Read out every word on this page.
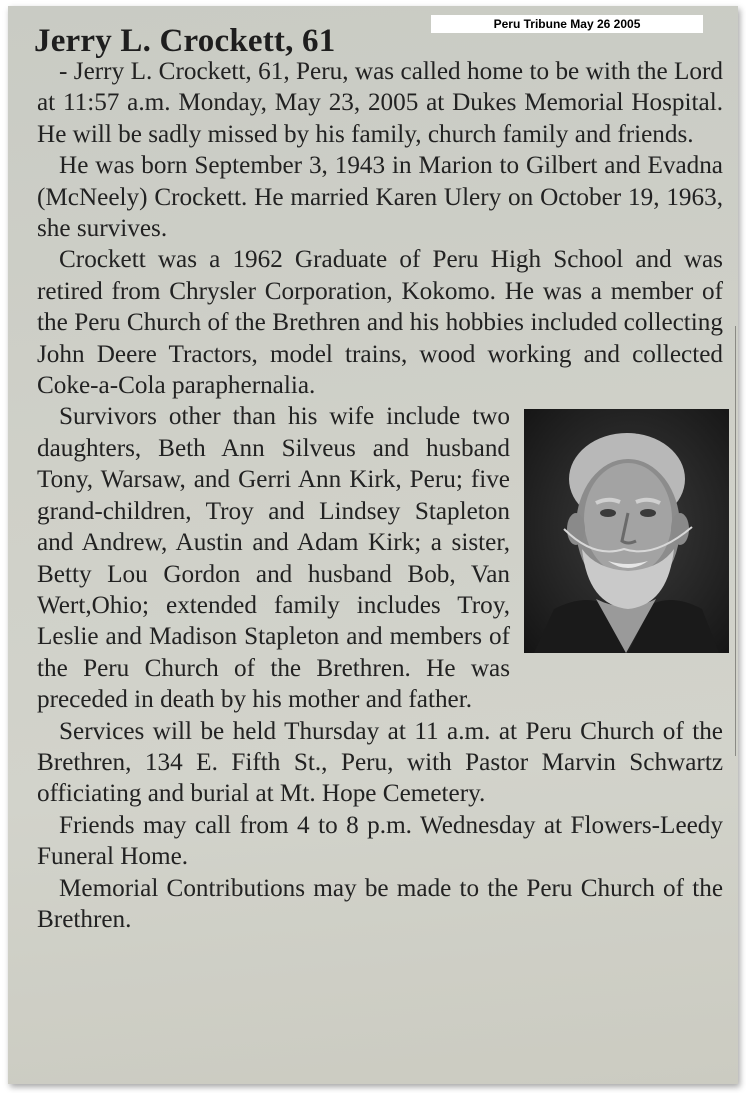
Jerry L. Crockett, 61

- Jerry L. Crockett, 61, Peru, was called home to be with the Lord at 11:57 a.m. Monday, May 23, 2005 at Dukes Memorial Hospital. He will be sadly missed by his family, church family and friends.

He was born September 3, 1943 in Marion to Gilbert and Evadna (McNeely) Crockett. He married Karen Ulery on October 19, 1963, she survives.

Crockett was a 1962 Graduate of Peru High School and was retired from Chrysler Corporation, Kokomo. He was a member of the Peru Church of the Brethren and his hobbies included collecting John Deere Tractors, model trains, wood working and collected Coke-a-Cola paraphernalia.

Survivors other than his wife include two daughters, Beth Ann Silveus and husband Tony, Warsaw, and Gerri Ann Kirk, Peru; five grand-children, Troy and Lindsey Stapleton and Andrew, Austin and Adam Kirk; a sister, Betty Lou Gordon and husband Bob, Van Wert,Ohio; extended family includes Troy, Leslie and Madison Stapleton and members of the Peru Church of the Brethren. He was preceded in death by his mother and father.

Services will be held Thursday at 11 a.m. at Peru Church of the Brethren, 134 E. Fifth St., Peru, with Pastor Marvin Schwartz officiating and burial at Mt. Hope Cemetery.

Friends may call from 4 to 8 p.m. Wednesday at Flowers-Leedy Funeral Home.

Memorial Contributions may be made to the Peru Church of the Brethren.

Peru Tribune May 26 2005
